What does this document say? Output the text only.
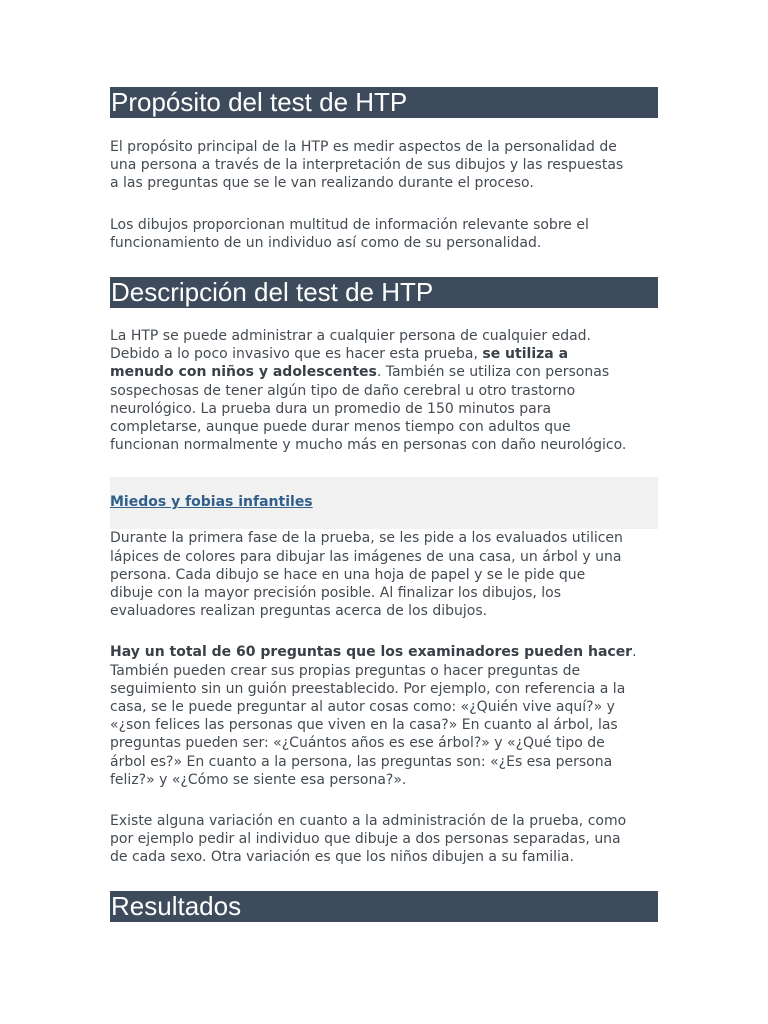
Propósito del test de HTP

El propósito principal de la HTP es medir aspectos de la personalidad de
una persona a través de la interpretación de sus dibujos y las respuestas
a las preguntas que se le van realizando durante el proceso.

Los dibujos proporcionan multitud de información relevante sobre el
funcionamiento de un individuo así como de su personalidad.

Descripción del test de HTP

La HTP se puede administrar a cualquier persona de cualquier edad.
Debido a lo poco invasivo que es hacer esta prueba, se utiliza a
menudo con niños y adolescentes. También se utiliza con personas
sospechosas de tener algún tipo de daño cerebral u otro trastorno
neurológico. La prueba dura un promedio de 150 minutos para
completarse, aunque puede durar menos tiempo con adultos que
funcionan normalmente y mucho más en personas con daño neurológico.

Miedos y fobias infantiles

Durante la primera fase de la prueba, se les pide a los evaluados utilicen
lápices de colores para dibujar las imágenes de una casa, un árbol y una
persona. Cada dibujo se hace en una hoja de papel y se le pide que
dibuje con la mayor precisión posible. Al finalizar los dibujos, los
evaluadores realizan preguntas acerca de los dibujos.

Hay un total de 60 preguntas que los examinadores pueden hacer.
También pueden crear sus propias preguntas o hacer preguntas de
seguimiento sin un guión preestablecido. Por ejemplo, con referencia a la
casa, se le puede preguntar al autor cosas como: «¿Quién vive aquí?» y
«¿son felices las personas que viven en la casa?» En cuanto al árbol, las
preguntas pueden ser: «¿Cuántos años es ese árbol?» y «¿Qué tipo de
árbol es?» En cuanto a la persona, las preguntas son: «¿Es esa persona
feliz?» y «¿Cómo se siente esa persona?».

Existe alguna variación en cuanto a la administración de la prueba, como
por ejemplo pedir al individuo que dibuje a dos personas separadas, una
de cada sexo. Otra variación es que los niños dibujen a su familia.

Resultados
